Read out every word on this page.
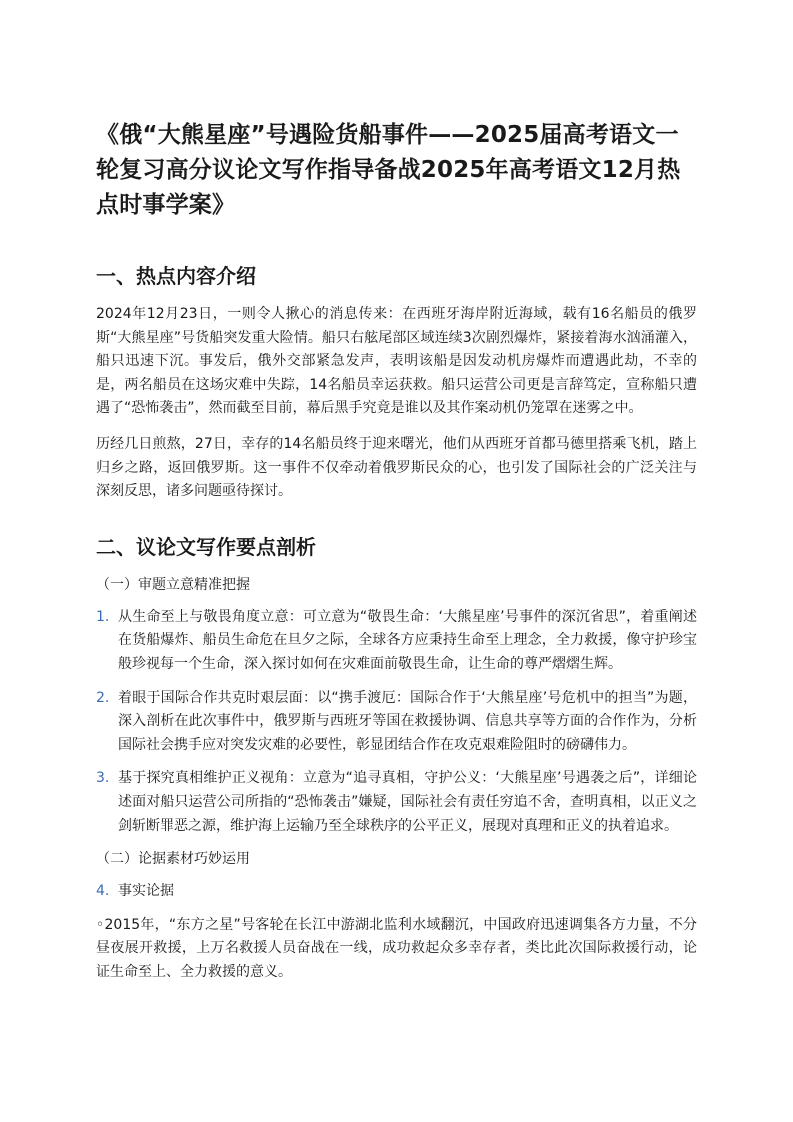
《俄“大熊星座”号遇险货船事件——2025届高考语文一轮复习高分议论文写作指导备战2025年高考语文12月热点时事学案》
一、热点内容介绍

2024年12月23日，一则令人揪心的消息传来：在西班牙海岸附近海域，载有16名船员的俄罗斯“大熊星座”号货船突发重大险情。船只右舷尾部区域连续3次剧烈爆炸，紧接着海水汹涌灌入，船只迅速下沉。事发后，俄外交部紧急发声，表明该船是因发动机房爆炸而遭遇此劫，不幸的是，两名船员在这场灾难中失踪，14名船员幸运获救。船只运营公司更是言辞笃定，宣称船只遭遇了“恐怖袭击”，然而截至目前，幕后黑手究竟是谁以及其作案动机仍笼罩在迷雾之中。

历经几日煎熬，27日，幸存的14名船员终于迎来曙光，他们从西班牙首都马德里搭乘飞机，踏上归乡之路，返回俄罗斯。这一事件不仅牵动着俄罗斯民众的心，也引发了国际社会的广泛关注与深刻反思，诸多问题亟待探讨。

二、议论文写作要点剖析
（一）审题立意精准把握
1. 从生命至上与敬畏角度立意：可立意为“敬畏生命：‘大熊星座’号事件的深沉省思”，着重阐述在货船爆炸、船员生命危在旦夕之际，全球各方应秉持生命至上理念，全力救援，像守护珍宝般珍视每一个生命，深入探讨如何在灾难面前敬畏生命，让生命的尊严熠熠生辉。
2. 着眼于国际合作共克时艰层面：以“携手渡厄：国际合作于‘大熊星座’号危机中的担当”为题，深入剖析在此次事件中，俄罗斯与西班牙等国在救援协调、信息共享等方面的合作作为，分析国际社会携手应对突发灾难的必要性，彰显团结合作在攻克艰难险阻时的磅礴伟力。
3. 基于探究真相维护正义视角：立意为“追寻真相，守护公义：‘大熊星座’号遇袭之后”，详细论述面对船只运营公司所指的“恐怖袭击”嫌疑，国际社会有责任穷追不舍，查明真相，以正义之剑斩断罪恶之源，维护海上运输乃至全球秩序的公平正义，展现对真理和正义的执着追求。
（二）论据素材巧妙运用
4. 事实论据

◦2015年，“东方之星”号客轮在长江中游湖北监利水域翻沉，中国政府迅速调集各方力量，不分昼夜展开救援，上万名救援人员奋战在一线，成功救起众多幸存者，类比此次国际救援行动，论证生命至上、全力救援的意义。
